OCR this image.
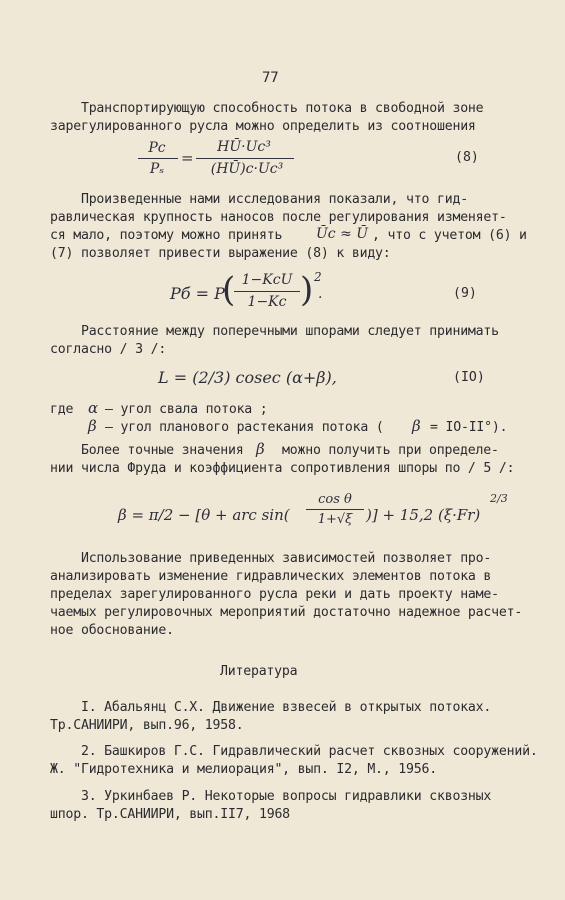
77
Транспортирующую способность потока в свободной зоне
зарегулированного русла можно определить из соотношения
Pc
Pₛ
=
HŪ·Uc³
(HŪ)c·Uc³
(8)
Произведенные нами исследования показали, что гид-
равлическая крупность наносов после регулирования изменяет-
ся мало, поэтому можно принять Ūc ≈ Ū , что с учетом (6) и
(7) позволяет привести выражение (8) к виду:
Pб = P
( 1−KcU
1−Kc ) 2
.	(9)
Расстояние между поперечными шпорами следует принимать
согласно / 3 /:
L = (2/3) cosec (α+β),	(IO)
где α – угол свала потока ;
β – угол планового растекания потока ( β = IO-II°).
Более точные значения β можно получить при определе-
нии числа Фруда и коэффициента сопротивления шпоры по / 5 /:
β = π/2 − [θ + arc sin(
cos θ
1+√ξ )] + 15,2 (ξ·Fr)
2/3
Использование приведенных зависимостей позволяет про-
анализировать изменение гидравлических элементов потока в
пределах зарегулированного русла реки и дать проекту наме-
чаемых регулировочных мероприятий достаточно надежное расчет-
ное обоснование.
Литература
I. Абальянц С.Х. Движение взвесей в открытых потоках.
Тр.САНИИРИ, вып.96, 1958.
2. Башкиров Г.С. Гидравлический расчет сквозных сооружений.
Ж. "Гидротехника и мелиорация", вып. I2, М., 1956.
3. Уркинбаев Р. Некоторые вопросы гидравлики сквозных
шпор. Тр.САНИИРИ, вып.II7, 1968
